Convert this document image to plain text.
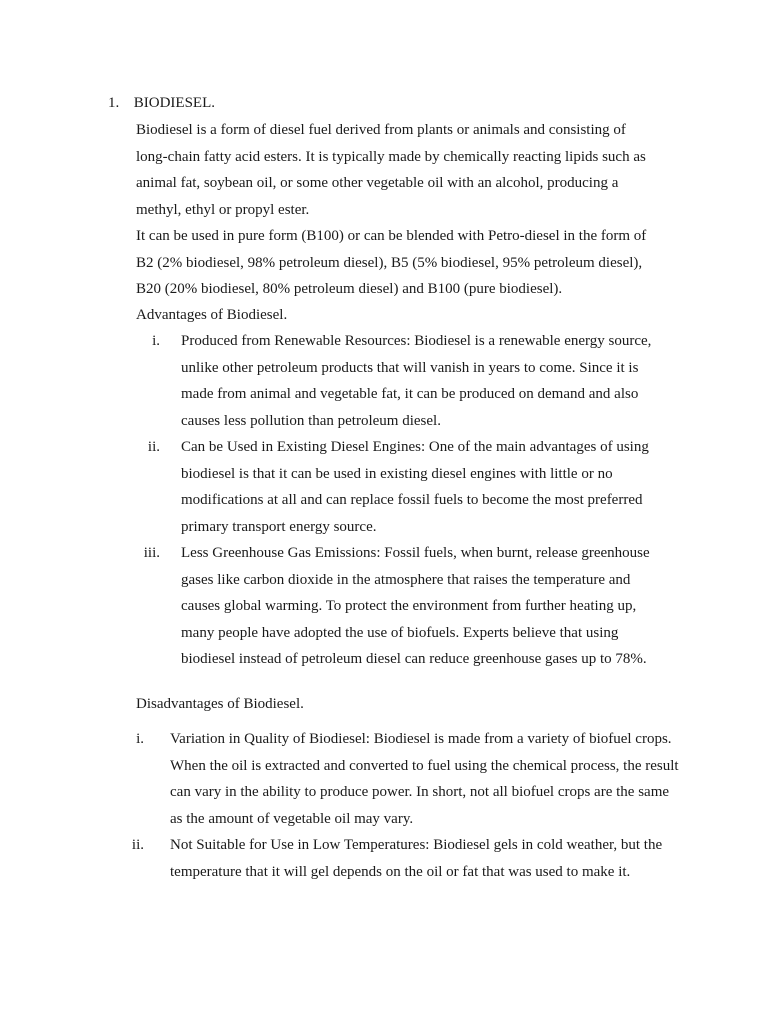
1. BIODIESEL.

Biodiesel is a form of diesel fuel derived from plants or animals and consisting of long-chain fatty acid esters. It is typically made by chemically reacting lipids such as animal fat, soybean oil, or some other vegetable oil with an alcohol, producing a methyl, ethyl or propyl ester.

It can be used in pure form (B100) or can be blended with Petro-diesel in the form of B2 (2% biodiesel, 98% petroleum diesel), B5 (5% biodiesel, 95% petroleum diesel), B20 (20% biodiesel, 80% petroleum diesel) and B100 (pure biodiesel).

Advantages of Biodiesel.
i. Produced from Renewable Resources: Biodiesel is a renewable energy source, unlike other petroleum products that will vanish in years to come. Since it is made from animal and vegetable fat, it can be produced on demand and also causes less pollution than petroleum diesel.

ii. Can be Used in Existing Diesel Engines: One of the main advantages of using biodiesel is that it can be used in existing diesel engines with little or no modifications at all and can replace fossil fuels to become the most preferred primary transport energy source.

iii. Less Greenhouse Gas Emissions: Fossil fuels, when burnt, release greenhouse gases like carbon dioxide in the atmosphere that raises the temperature and causes global warming. To protect the environment from further heating up, many people have adopted the use of biofuels. Experts believe that using biodiesel instead of petroleum diesel can reduce greenhouse gases up to 78%.

Disadvantages of Biodiesel.
i. Variation in Quality of Biodiesel: Biodiesel is made from a variety of biofuel crops. When the oil is extracted and converted to fuel using the chemical process, the result can vary in the ability to produce power. In short, not all biofuel crops are the same as the amount of vegetable oil may vary.

ii. Not Suitable for Use in Low Temperatures: Biodiesel gels in cold weather, but the temperature that it will gel depends on the oil or fat that was used to make it.
